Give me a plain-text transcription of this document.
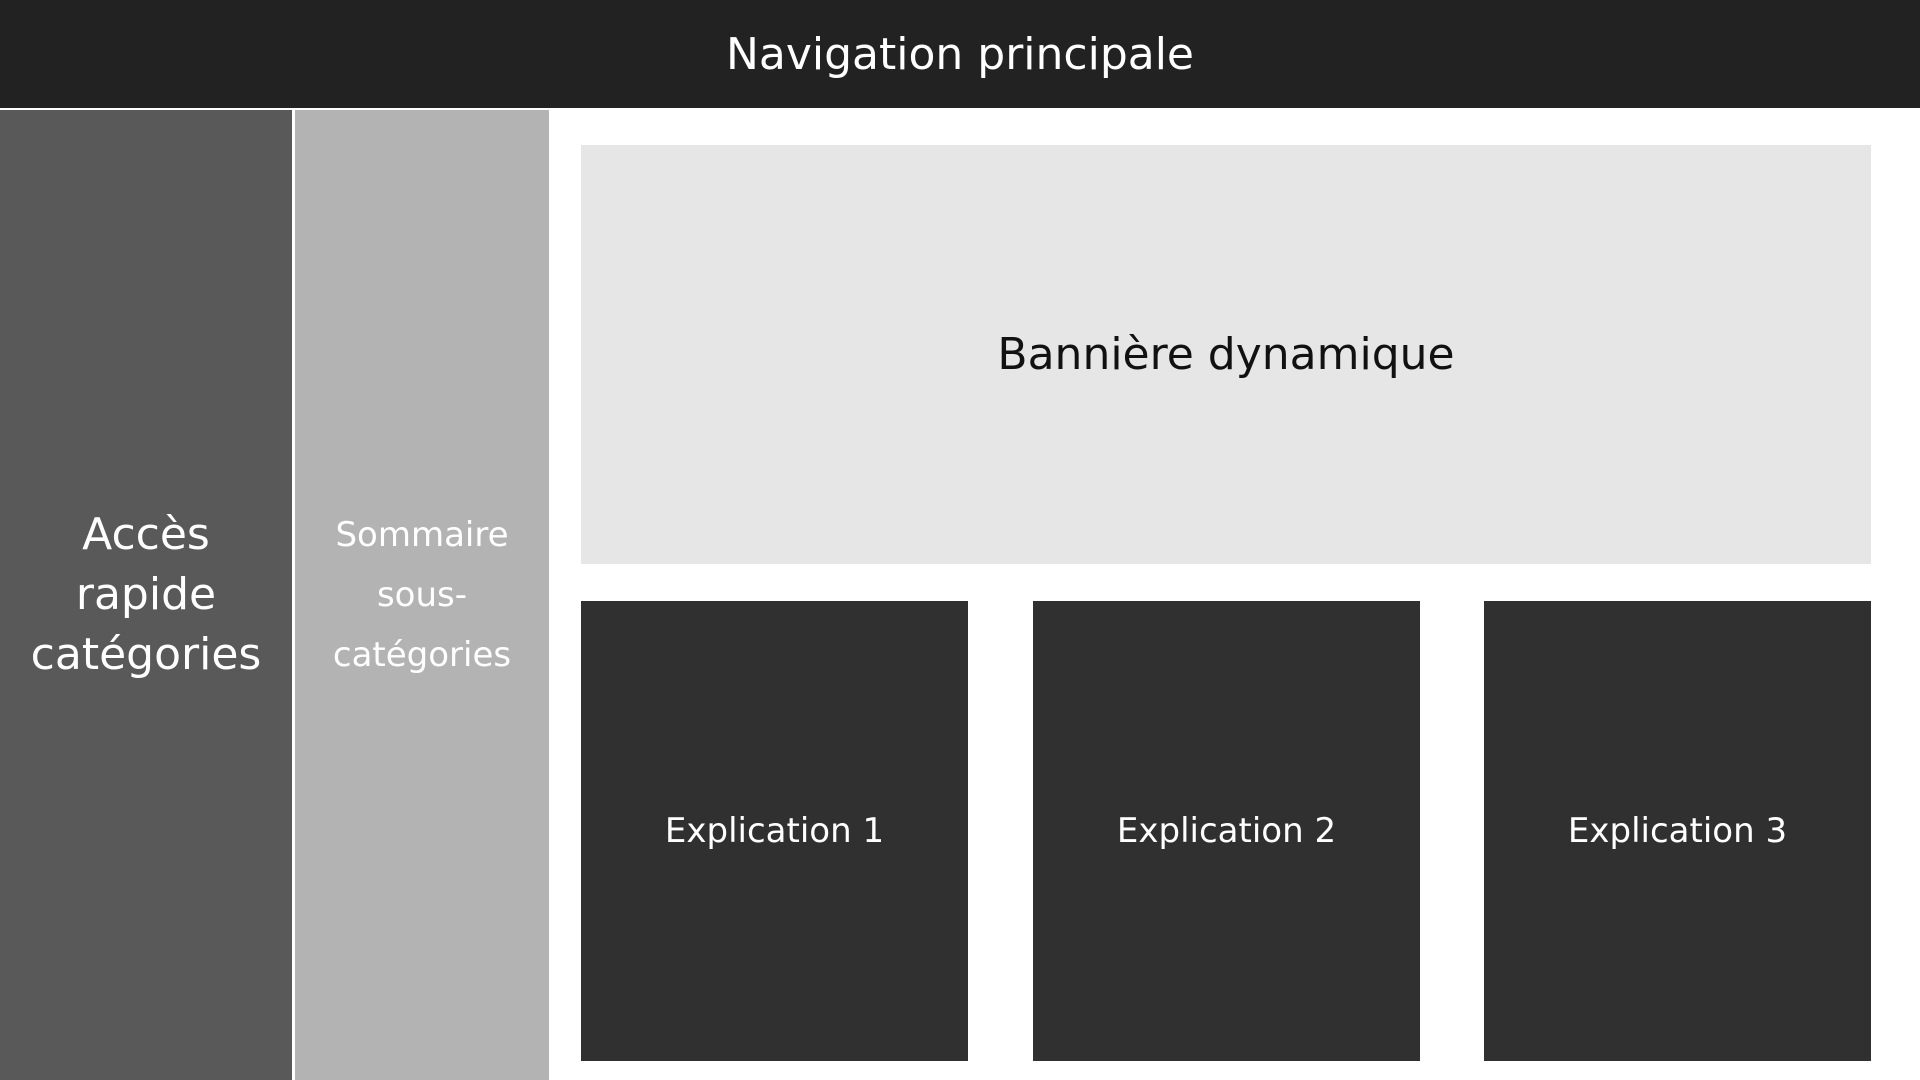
Navigation principale
Accès
rapide
catégories
Sommaire
sous-
catégories
Bannière dynamique
Explication 1	Explication 2	Explication 3
